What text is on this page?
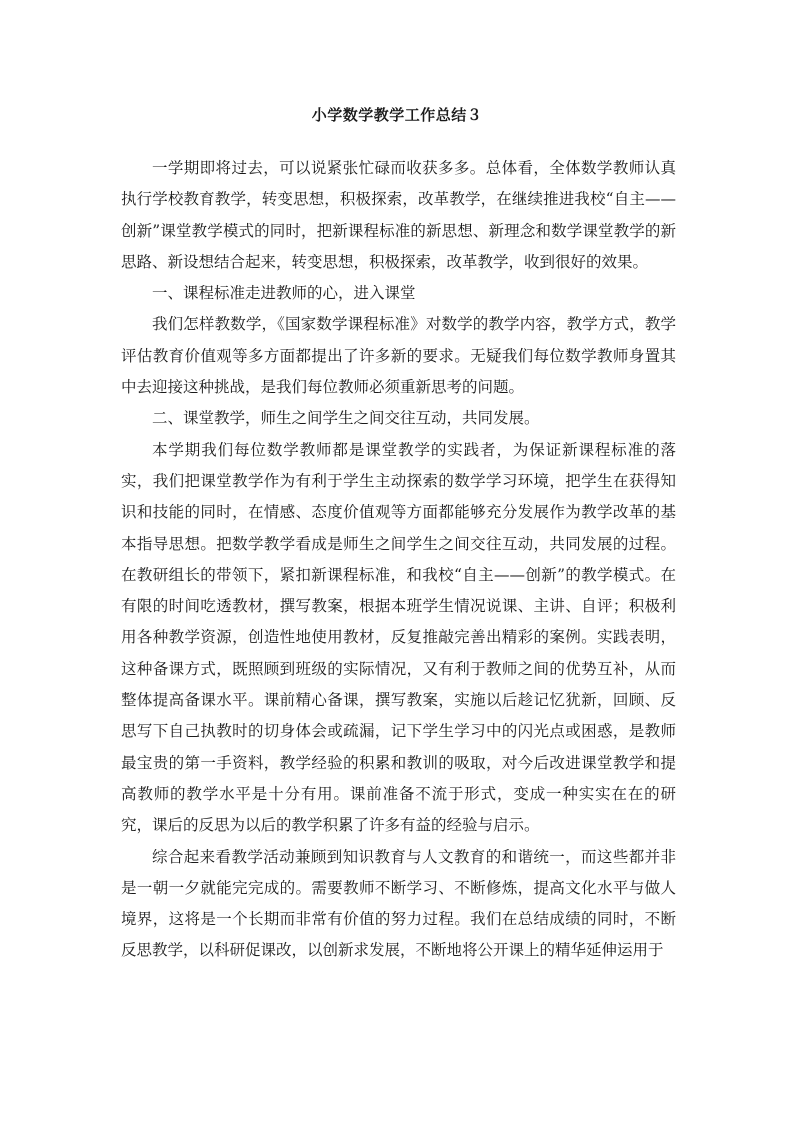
小学数学教学工作总结３

一学期即将过去，可以说紧张忙碌而收获多多。总体看，全体数学教师认真执行学校教育教学，转变思想，积极探索，改革教学，在继续推进我校“自主——创新”课堂教学模式的同时，把新课程标准的新思想、新理念和数学课堂教学的新思路、新设想结合起来，转变思想，积极探索，改革教学，收到很好的效果。

一、课程标准走进教师的心，进入课堂

我们怎样教数学，《国家数学课程标准》对数学的教学内容，教学方式，教学评估教育价值观等多方面都提出了许多新的要求。无疑我们每位数学教师身置其中去迎接这种挑战，是我们每位教师必须重新思考的问题。

二、课堂教学，师生之间学生之间交往互动，共同发展。

本学期我们每位数学教师都是课堂教学的实践者，为保证新课程标准的落实，我们把课堂教学作为有利于学生主动探索的数学学习环境，把学生在获得知识和技能的同时，在情感、态度价值观等方面都能够充分发展作为教学改革的基本指导思想。把数学教学看成是师生之间学生之间交往互动，共同发展的过程。在教研组长的带领下，紧扣新课程标准，和我校“自主——创新”的教学模式。在有限的时间吃透教材，撰写教案，根据本班学生情况说课、主讲、自评；积极利用各种教学资源，创造性地使用教材，反复推敲完善出精彩的案例。实践表明，这种备课方式，既照顾到班级的实际情况，又有利于教师之间的优势互补，从而整体提高备课水平。课前精心备课，撰写教案，实施以后趁记忆犹新，回顾、反思写下自己执教时的切身体会或疏漏，记下学生学习中的闪光点或困惑，是教师最宝贵的第一手资料，教学经验的积累和教训的吸取，对今后改进课堂教学和提高教师的教学水平是十分有用。课前准备不流于形式，变成一种实实在在的研究，课后的反思为以后的教学积累了许多有益的经验与启示。

综合起来看教学活动兼顾到知识教育与人文教育的和谐统一，而这些都并非是一朝一夕就能完完成的。需要教师不断学习、不断修炼，提高文化水平与做人境界，这将是一个长期而非常有价值的努力过程。我们在总结成绩的同时，不断反思教学，以科研促课改，以创新求发展，不断地将公开课上的精华延伸运用于
